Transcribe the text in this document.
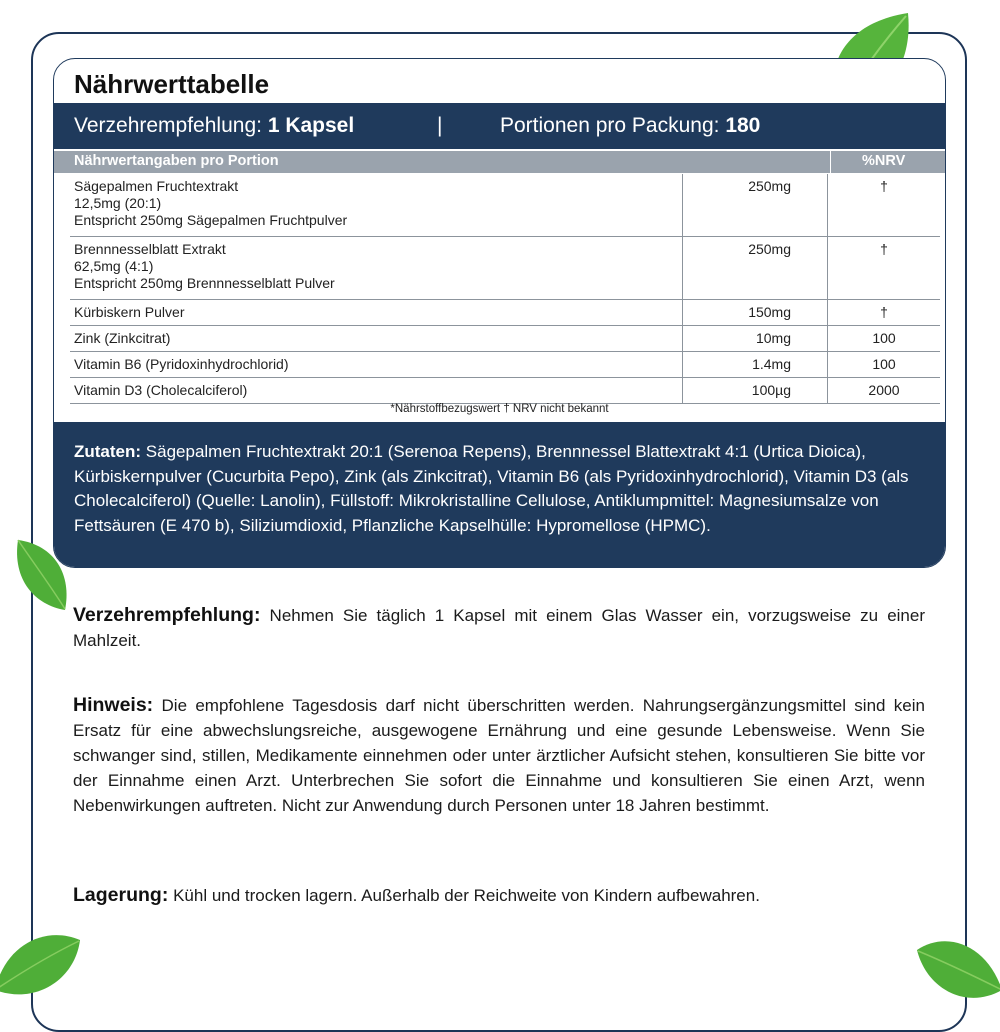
Nährwerttabelle
Verzehrempfehlung: 1 Kapsel	|	Portionen pro Packung: 180
Nährwertangaben pro Portion	%NRV
Sägepalmen Fruchtextrakt
12,5mg (20:1)
Entspricht 250mg Sägepalmen Fruchtpulver	250mg	†

Brennnesselblatt Extrakt
62,5mg (4:1)
Entspricht 250mg Brennnesselblatt Pulver	250mg	†
Kürbiskern Pulver	150mg	†
Zink (Zinkcitrat)	10mg	100
Vitamin B6 (Pyridoxinhydrochlorid)	1.4mg	100
Vitamin D3 (Cholecalciferol)	100µg	2000
*Nährstoffbezugswert † NRV nicht bekannt
Zutaten: Sägepalmen Fruchtextrakt 20:1 (Serenoa Repens), Brennnessel Blattextrakt 4:1 (Urtica Dioica), Kürbiskernpulver (Cucurbita Pepo), Zink (als Zinkcitrat), Vitamin B6 (als Pyridoxinhydrochlorid), Vitamin D3 (als Cholecalciferol) (Quelle: Lanolin), Füllstoff: Mikrokristalline Cellulose, Antiklumpmittel: Magnesiumsalze von Fettsäuren (E 470 b), Siliziumdioxid, Pflanzliche Kapselhülle: Hypromellose (HPMC).
Verzehrempfehlung: Nehmen Sie täglich 1 Kapsel mit einem Glas Wasser ein, vorzugsweise zu einer Mahlzeit.
Hinweis: Die empfohlene Tagesdosis darf nicht überschritten werden. Nahrungsergänzungsmittel sind kein Ersatz für eine abwechslungsreiche, ausgewogene Ernährung und eine gesunde Lebensweise. Wenn Sie schwanger sind, stillen, Medikamente einnehmen oder unter ärztlicher Aufsicht stehen, konsultieren Sie bitte vor der Einnahme einen Arzt. Unterbrechen Sie sofort die Einnahme und konsultieren Sie einen Arzt, wenn Nebenwirkungen auftreten. Nicht zur Anwendung durch Personen unter 18 Jahren bestimmt.
Lagerung: Kühl und trocken lagern. Außerhalb der Reichweite von Kindern aufbewahren.
